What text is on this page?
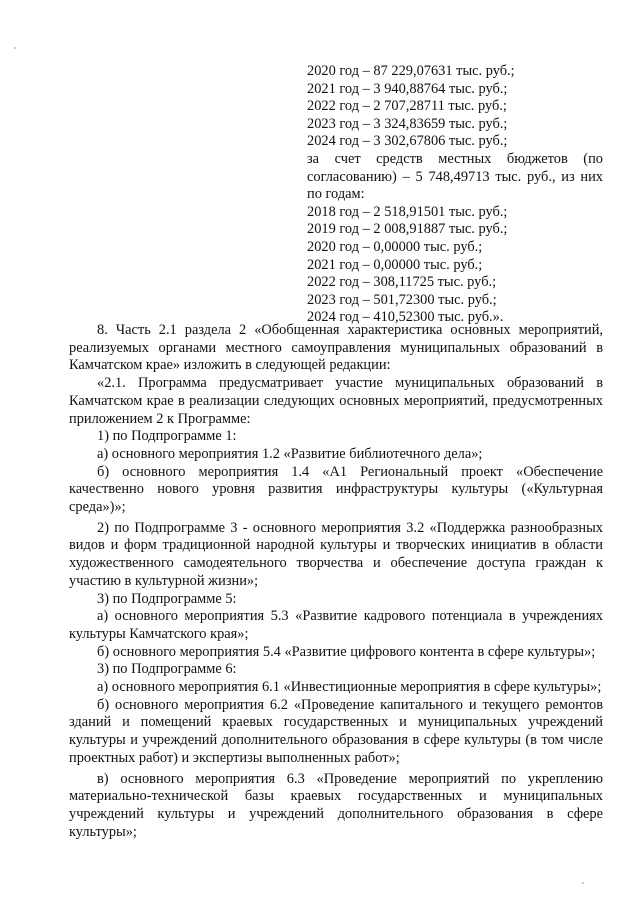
2020 год – 87 229,07631 тыс. руб.;
2021 год – 3 940,88764 тыс. руб.;
2022 год – 2 707,28711 тыс. руб.;
2023 год – 3 324,83659 тыс. руб.;
2024 год – 3 302,67806 тыс. руб.;
за счет средств местных бюджетов (по согласованию) – 5 748,49713 тыс. руб., из них по годам:
2018 год – 2 518,91501 тыс. руб.;
2019 год – 2 008,91887 тыс. руб.;
2020 год – 0,00000 тыс. руб.;
2021 год – 0,00000 тыс. руб.;
2022 год – 308,11725 тыс. руб.;
2023 год – 501,72300 тыс. руб.;
2024 год – 410,52300 тыс. руб.».

8. Часть 2.1 раздела 2 «Обобщенная характеристика основных мероприятий, реализуемых органами местного самоуправления муниципальных образований в Камчатском крае» изложить в следующей редакции:

«2.1. Программа предусматривает участие муниципальных образований в Камчатском крае в реализации следующих основных мероприятий, предусмотренных приложением 2 к Программе:

1) по Подпрограмме 1:

а) основного мероприятия 1.2 «Развитие библиотечного дела»;

б) основного мероприятия 1.4 «А1 Региональный проект «Обеспечение качественно нового уровня развития инфраструктуры культуры («Культурная среда»)»;

2) по Подпрограмме 3 - основного мероприятия 3.2 «Поддержка разнообразных видов и форм традиционной народной культуры и творческих инициатив в области художественного самодеятельного творчества и обеспечение доступа граждан к участию в культурной жизни»;

3) по Подпрограмме 5:

а) основного мероприятия 5.3 «Развитие кадрового потенциала в учреждениях культуры Камчатского края»;

б) основного мероприятия 5.4 «Развитие цифрового контента в сфере культуры»;

3) по Подпрограмме 6:

а) основного мероприятия 6.1 «Инвестиционные мероприятия в сфере культуры»;

б) основного мероприятия 6.2 «Проведение капитального и текущего ремонтов зданий и помещений краевых государственных и муниципальных учреждений культуры и учреждений дополнительного образования в сфере культуры (в том числе проектных работ) и экспертизы выполненных работ»;

в) основного мероприятия 6.3 «Проведение мероприятий по укреплению материально-технической базы краевых государственных и муниципальных учреждений культуры и учреждений дополнительного образования в сфере культуры»;
